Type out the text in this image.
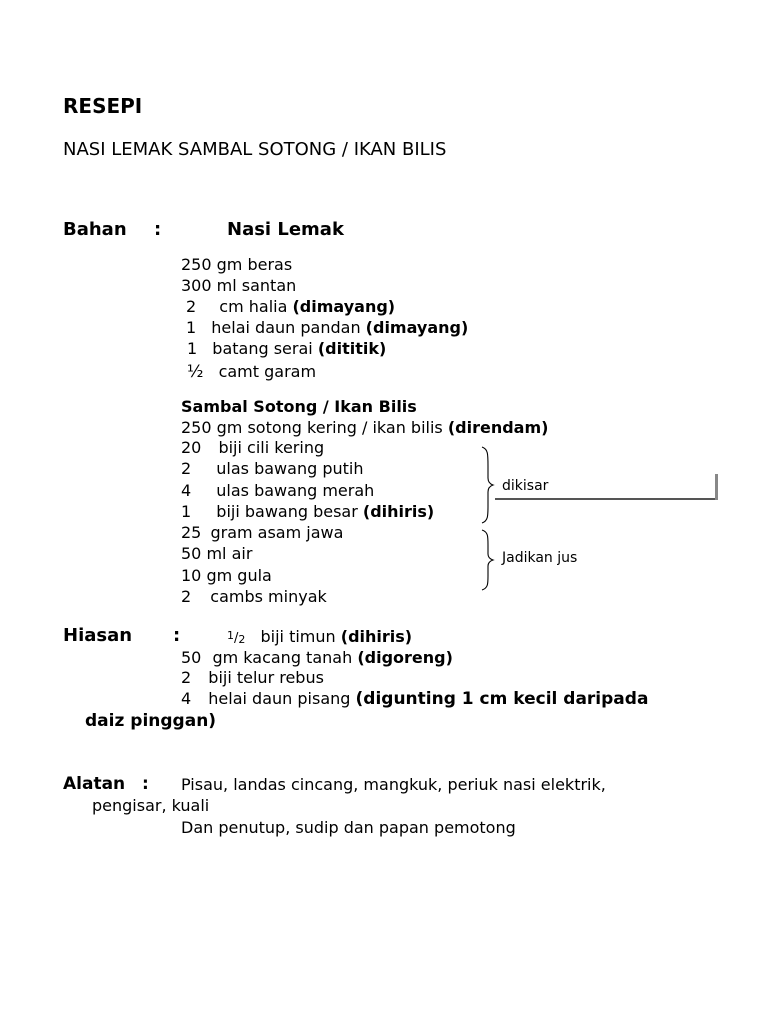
RESEPI
NASI LEMAK SAMBAL SOTONG / IKAN BILIS
Bahan :	Nasi Lemak
250 gm beras
300 ml santan
2 cm halia (dimayang)
1 helai daun pandan (dimayang)
1 batang serai (dititik)
½ camt garam
Sambal Sotong / Ikan Bilis
250 gm sotong kering / ikan bilis (direndam)
20 biji cili kering
2 ulas bawang putih
4 ulas bawang merah
1 biji bawang besar (dihiris)
25 gram asam jawa
50 ml air
10 gm gula
2 cambs minyak
dikisar
Jadikan jus
Hiasan :	1/2 biji timun (dihiris)
50 gm kacang tanah (digoreng)
2 biji telur rebus
4 helai daun pisang (digunting 1 cm kecil daripada
daiz pinggan)
Alatan : Pisau, landas cincang, mangkuk, periuk nasi elektrik,
pengisar, kuali
Dan penutup, sudip dan papan pemotong
